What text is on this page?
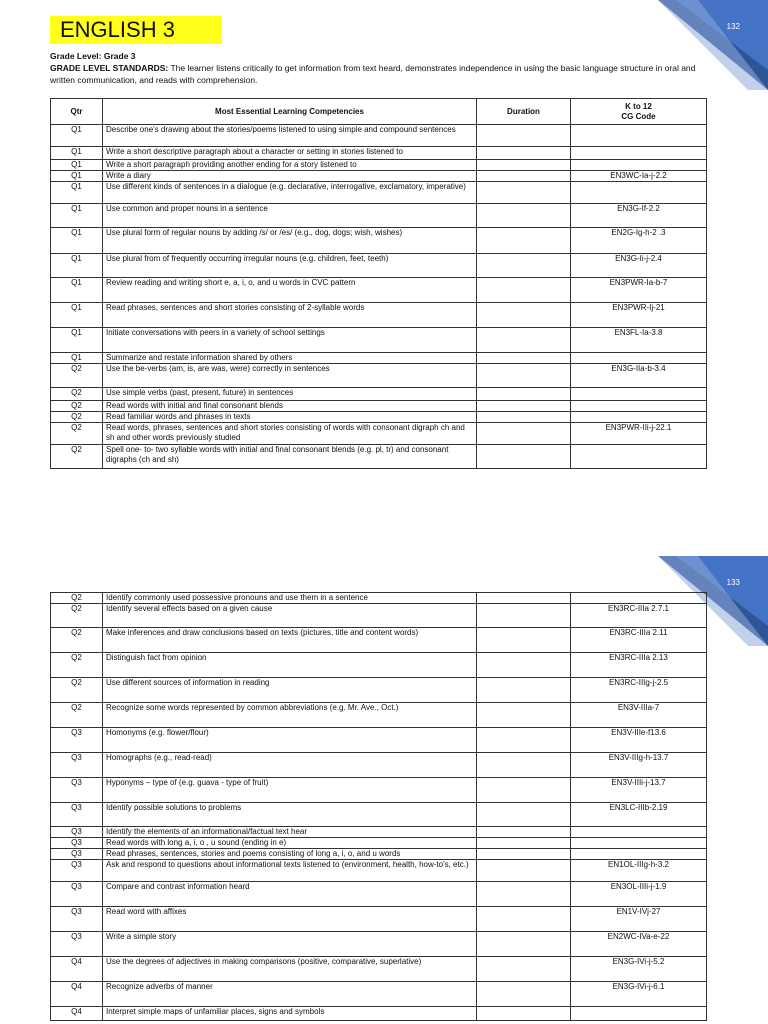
132
ENGLISH 3
Grade Level: Grade 3
GRADE LEVEL STANDARDS: The learner listens critically to get information from text heard, demonstrates independence in using the basic language structure in oral and written communication, and reads with comprehension.
Qtr	Most Essential Learning Competencies	Duration	K to 12
CG Code

Q1	Describe one's drawing about the stories/poems listened to using simple and compound sentences		
Q1	Write a short descriptive paragraph about a character or setting in stories listened to		
Q1	Write a short paragraph providing another ending for a story listened to		
Q1	Write a diary		EN3WC-Ia-j-2.2
Q1	Use different kinds of sentences in a dialogue (e.g. declarative, interrogative, exclamatory, imperative)		
Q1	Use common and proper nouns in a sentence		EN3G-If-2.2
Q1	Use plural form of regular nouns by adding /s/ or /es/ (e.g., dog, dogs; wish, wishes)		EN2G-Ig-h-2 .3
Q1	Use plural from of frequently occurring irregular nouns (e.g. children, feet, teeth)		EN3G-Ii-j-2.4
Q1	Review reading and writing short e, a, i, o, and u words in CVC pattern		EN3PWR-Ia-b-7
Q1	Read phrases, sentences and short stories consisting of 2-syllable words		EN3PWR-Ij-21
Q1	Initiate conversations with peers in a variety of school settings		EN3FL-Ia-3.8
Q1	Summarize and restate information shared by others		
Q2	Use the be-verbs (am, is, are was, were) correctly in sentences		EN3G-IIa-b-3.4
Q2	Use simple verbs (past, present, future) in sentences		
Q2	Read words with initial and final consonant blends		
Q2	Read familiar words and phrases in texts		
Q2	Read words, phrases, sentences and short stories consisting of words with consonant digraph ch and sh and other words previously studied		EN3PWR-IIi-j-22.1
Q2	Spell one- to- two syllable words with initial and final consonant blends (e.g. pl, tr) and consonant digraphs (ch and sh)		
133
Q2	Identify commonly used possessive pronouns and use them in a sentence		
Q2	Identify several effects based on a given cause		EN3RC-IIIa 2.7.1
Q2	Make inferences and draw conclusions based on texts (pictures, title and content words)		EN3RC-IIIa 2.11
Q2	Distinguish fact from opinion		EN3RC-IIIa 2.13
Q2	Use different sources of information in reading		EN3RC-IIIg-j-2.5
Q2	Recognize some words represented by common abbreviations (e.g. Mr. Ave., Oct.)		EN3V-IIIa-7
Q3	Homonyms (e.g. flower/flour)		EN3V-IIIe-f13.6
Q3	Homographs (e.g., read-read)		EN3V-IIIg-h-13.7
Q3	Hyponyms – type of (e.g. guava - type of fruit)		EN3V-IIIi-j-13.7
Q3	Identify possible solutions to problems		EN3LC-IIIb-2.19
Q3	Identify the elements of an informational/factual text hear		
Q3	Read words with long a, i, o , u sound (ending in e)		
Q3	Read phrases, sentences, stories and poems consisting of long a, i, o, and u words		
Q3	Ask and respond to questions about informational texts listened to (environment, health, how-to's, etc.)		EN1OL-IIIg-h-3.2
Q3	Compare and contrast information heard		EN3OL-IIIi-j-1.9
Q3	Read word with affixes		EN1V-IVj-27
Q3	Write a simple story		EN2WC-IVa-e-22
Q4	Use the degrees of adjectives in making comparisons (positive, comparative, superlative)		EN3G-IVi-j-5.2
Q4	Recognize adverbs of manner		EN3G-IVi-j-6.1
Q4	Interpret simple maps of unfamiliar places, signs and symbols		
